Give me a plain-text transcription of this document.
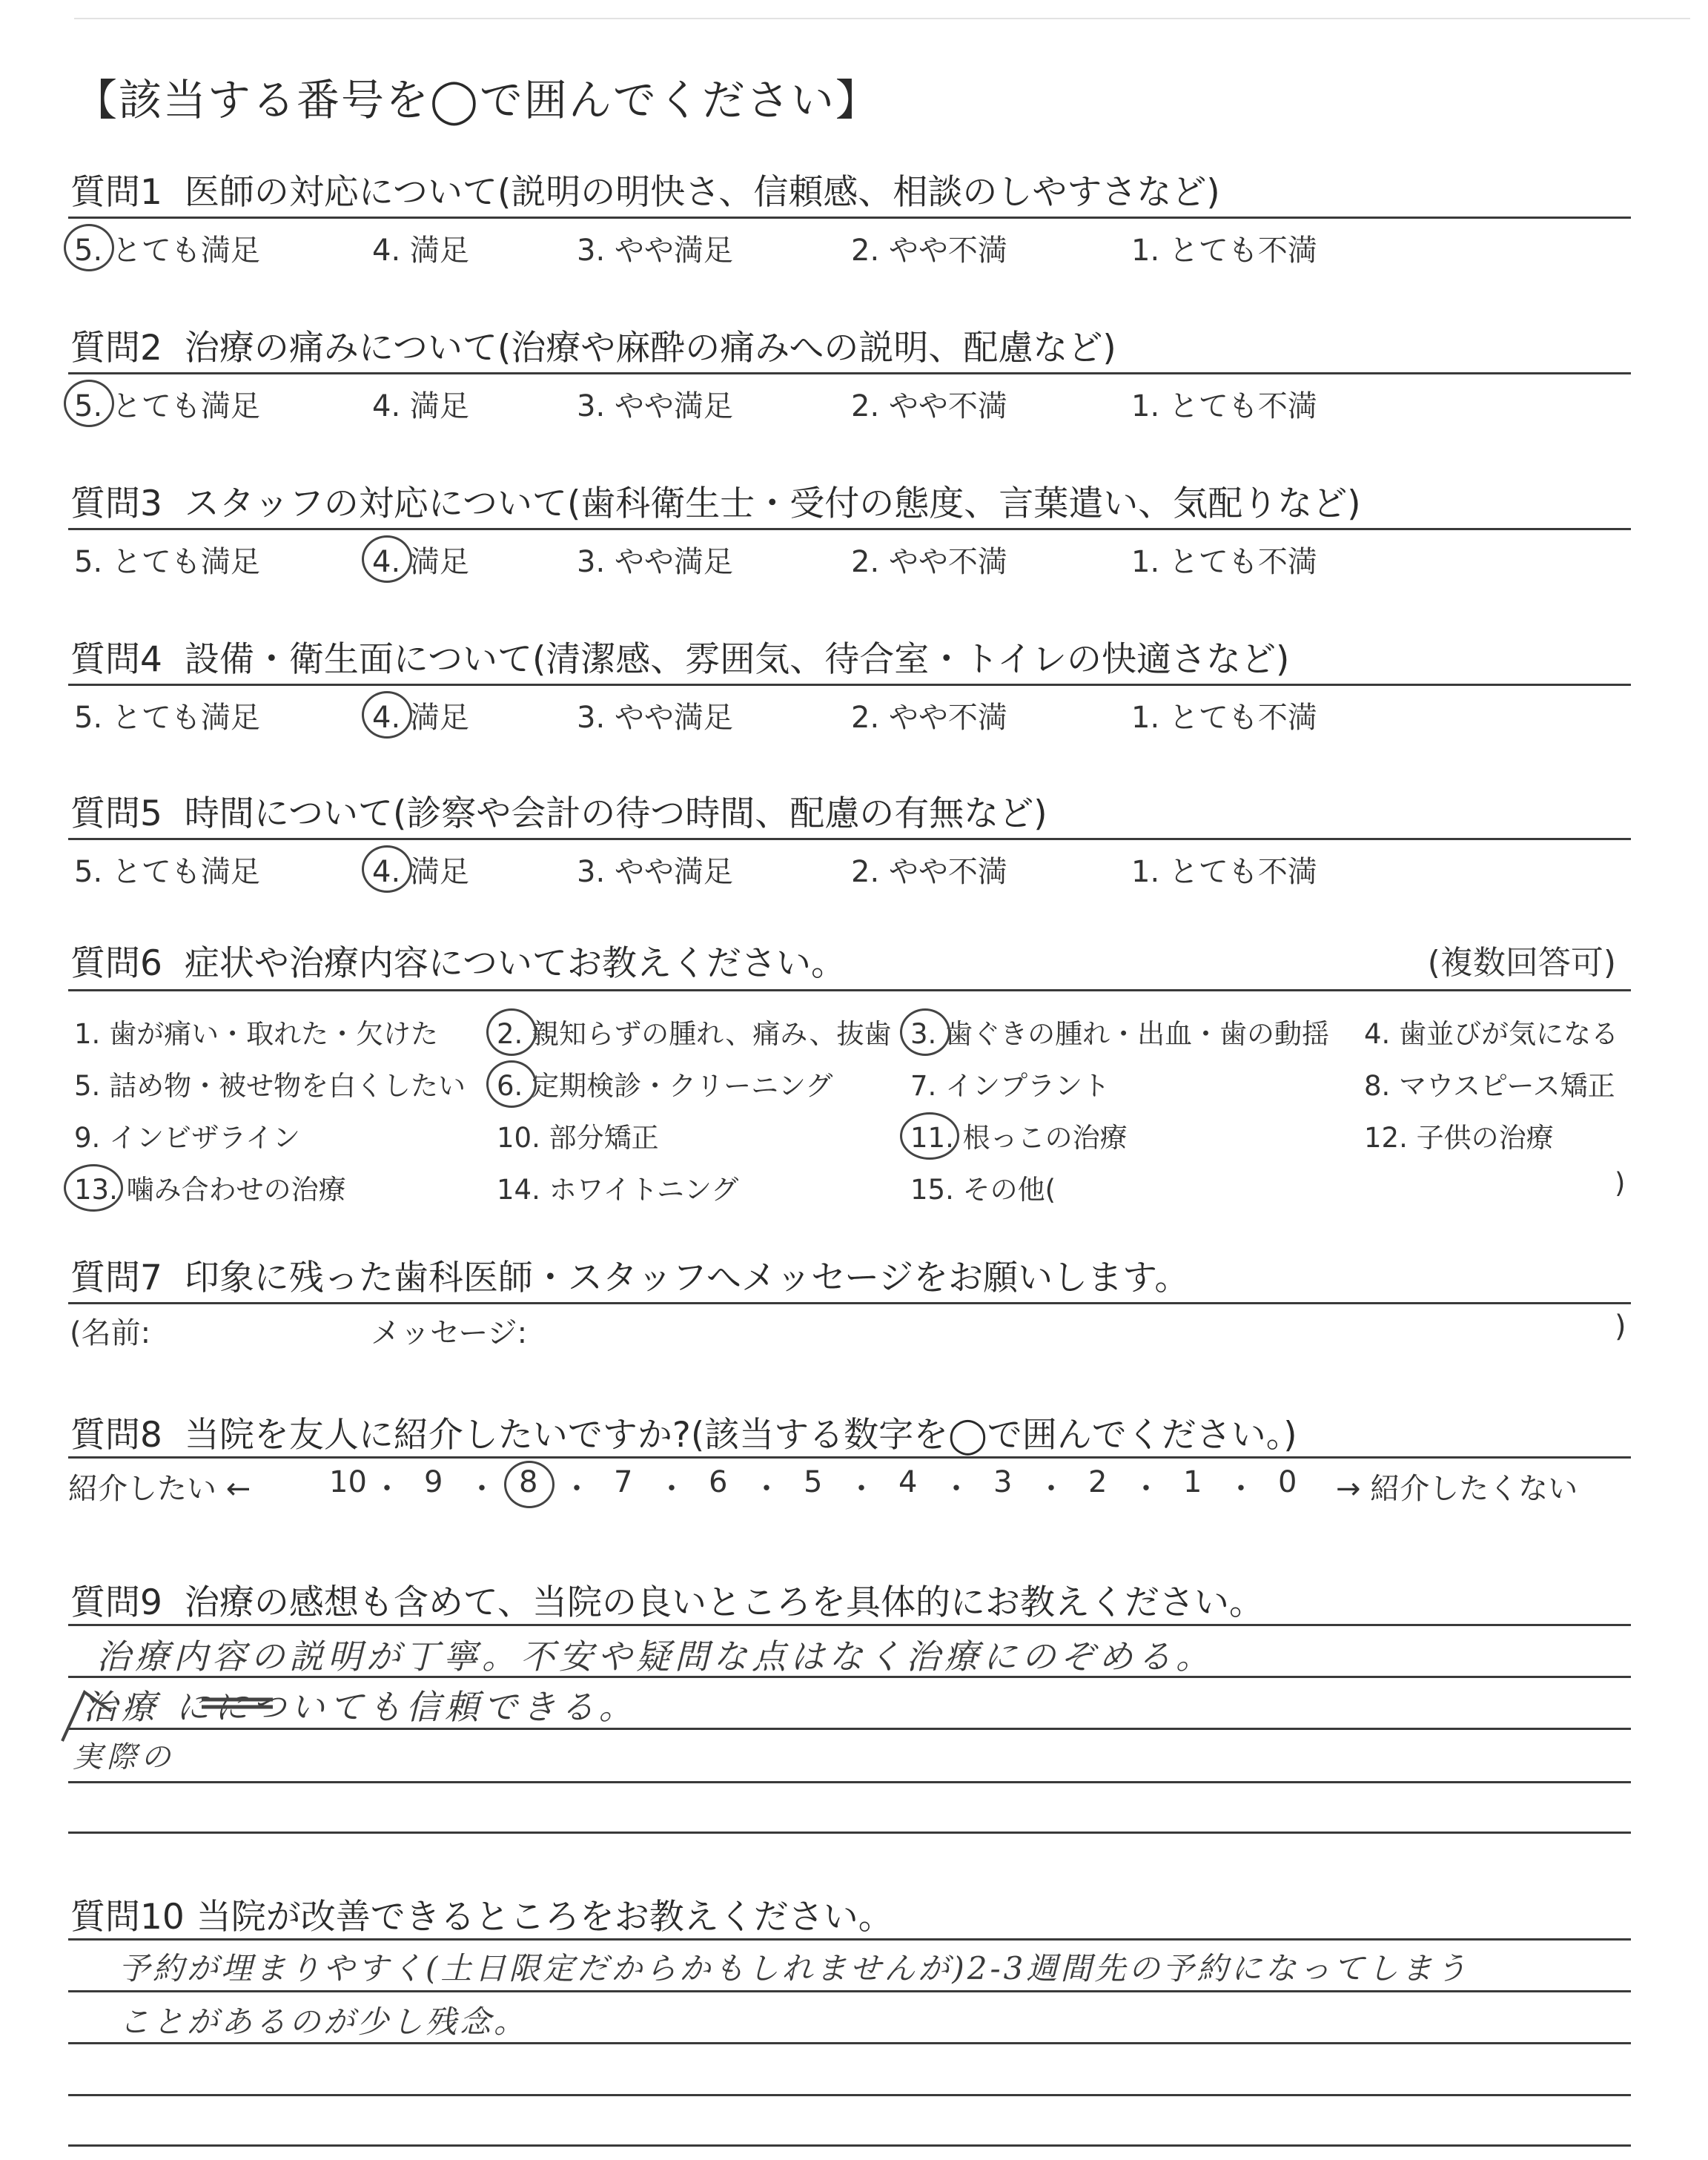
【該当する番号を◯で囲んでください】
質問1 医師の対応について(説明の明快さ、信頼感、相談のしやすさなど)
5. とても満足	4. 満足	3. やや満足	2. やや不満	1. とても不満
質問2 治療の痛みについて(治療や麻酔の痛みへの説明、配慮など)
5. とても満足	4. 満足	3. やや満足	2. やや不満	1. とても不満
質問3 スタッフの対応について(歯科衛生士・受付の態度、言葉遣い、気配りなど)
5. とても満足	4. 満足	3. やや満足	2. やや不満	1. とても不満
質問4 設備・衛生面について(清潔感、雰囲気、待合室・トイレの快適さなど)
5. とても満足	4. 満足	3. やや満足	2. やや不満	1. とても不満
質問5 時間について(診察や会計の待つ時間、配慮の有無など)
5. とても満足	4. 満足	3. やや満足	2. やや不満	1. とても不満
質問6 症状や治療内容についてお教えください。	(複数回答可)
1. 歯が痛い・取れた・欠けた 2. 親知らずの腫れ、痛み、抜歯 3. 歯ぐきの腫れ・出血・歯の動揺 4. 歯並びが気になる
5. 詰め物・被せ物を白くしたい 6. 定期検診・クリーニング	7. インプラント	8. マウスピース矯正
9. インビザライン	10. 部分矯正	11. 根っこの治療	12. 子供の治療
13. 噛み合わせの治療	14. ホワイトニング	15. その他(	)
質問7 印象に残った歯科医師・スタッフへメッセージをお願いします。
(名前:	メッセージ:	)
質問8 当院を友人に紹介したいですか?(該当する数字を◯で囲んでください。)
紹介したい ←	10 ・ 9 ・ 8 ・ 7 ・ 6 ・ 5 ・ 4 ・ 3 ・ 2 ・ 1 ・ 0 → 紹介したくない
質問9 治療の感想も含めて、当院の良いところを具体的にお教えください。
治療内容の説明が丁寧。不安や疑問な点はなく治療にのぞめる。
治療 にについても信頼できる。
実際の
質問10 当院が改善できるところをお教えください。
予約が埋まりやすく(土日限定だからかもしれませんが)2-3週間先の予約になってしまう
ことがあるのが少し残念。
